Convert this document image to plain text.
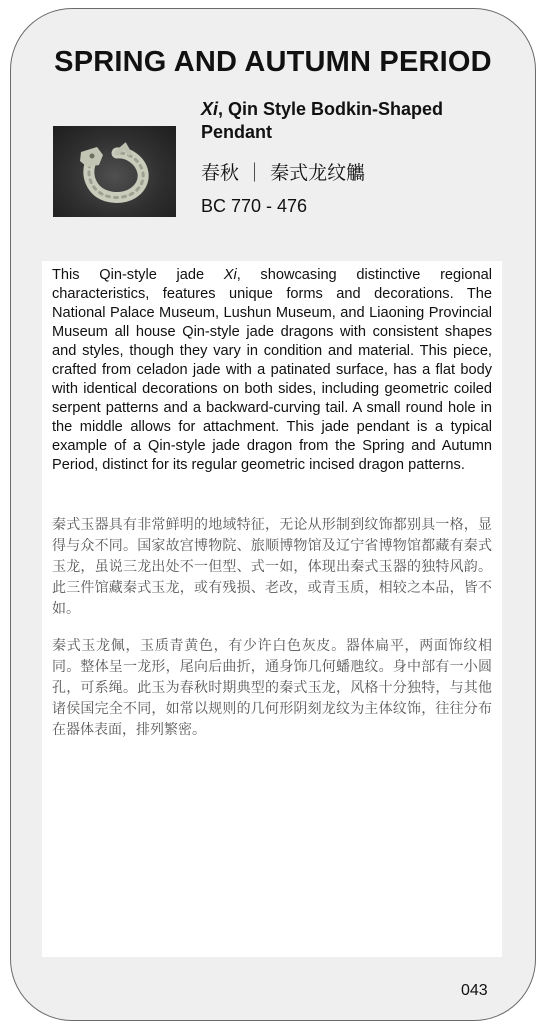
SPRING AND AUTUMN PERIOD

Xi, Qin Style Bodkin-Shaped Pendant

春秋 ｜ 秦式龙纹觿
BC 770 - 476

This Qin-style jade Xi, showcasing distinctive regional characteristics, features unique forms and decorations. The National Palace Museum, Lushun Museum, and Liaoning Provincial Museum all house Qin-style jade dragons with consistent shapes and styles, though they vary in condition and material. This piece, crafted from celadon jade with a patinated surface, has a flat body with identical decorations on both sides, including geometric coiled serpent patterns and a backward-curving tail. A small round hole in the middle allows for attachment. This jade pendant is a typical example of a Qin-style jade dragon from the Spring and Autumn Period, distinct for its regular geometric incised dragon patterns.

秦式玉器具有非常鲜明的地域特征，无论从形制到纹饰都别具一格，显得与众不同。国家故宫博物院、旅顺博物馆及辽宁省博物馆都藏有秦式玉龙，虽说三龙出处不一但型、式一如，体现出秦式玉器的独特风韵。此三件馆藏秦式玉龙，或有残损、老改，或青玉质，相较之本品，皆不如。

秦式玉龙佩，玉质青黄色，有少许白色灰皮。器体扁平，两面饰纹相同。整体呈一龙形，尾向后曲折，通身饰几何蟠虺纹。身中部有一小圆孔，可系绳。此玉为春秋时期典型的秦式玉龙，风格十分独特，与其他诸侯国完全不同，如常以规则的几何形阴刻龙纹为主体纹饰，往往分布在器体表面，排列繁密。

043
